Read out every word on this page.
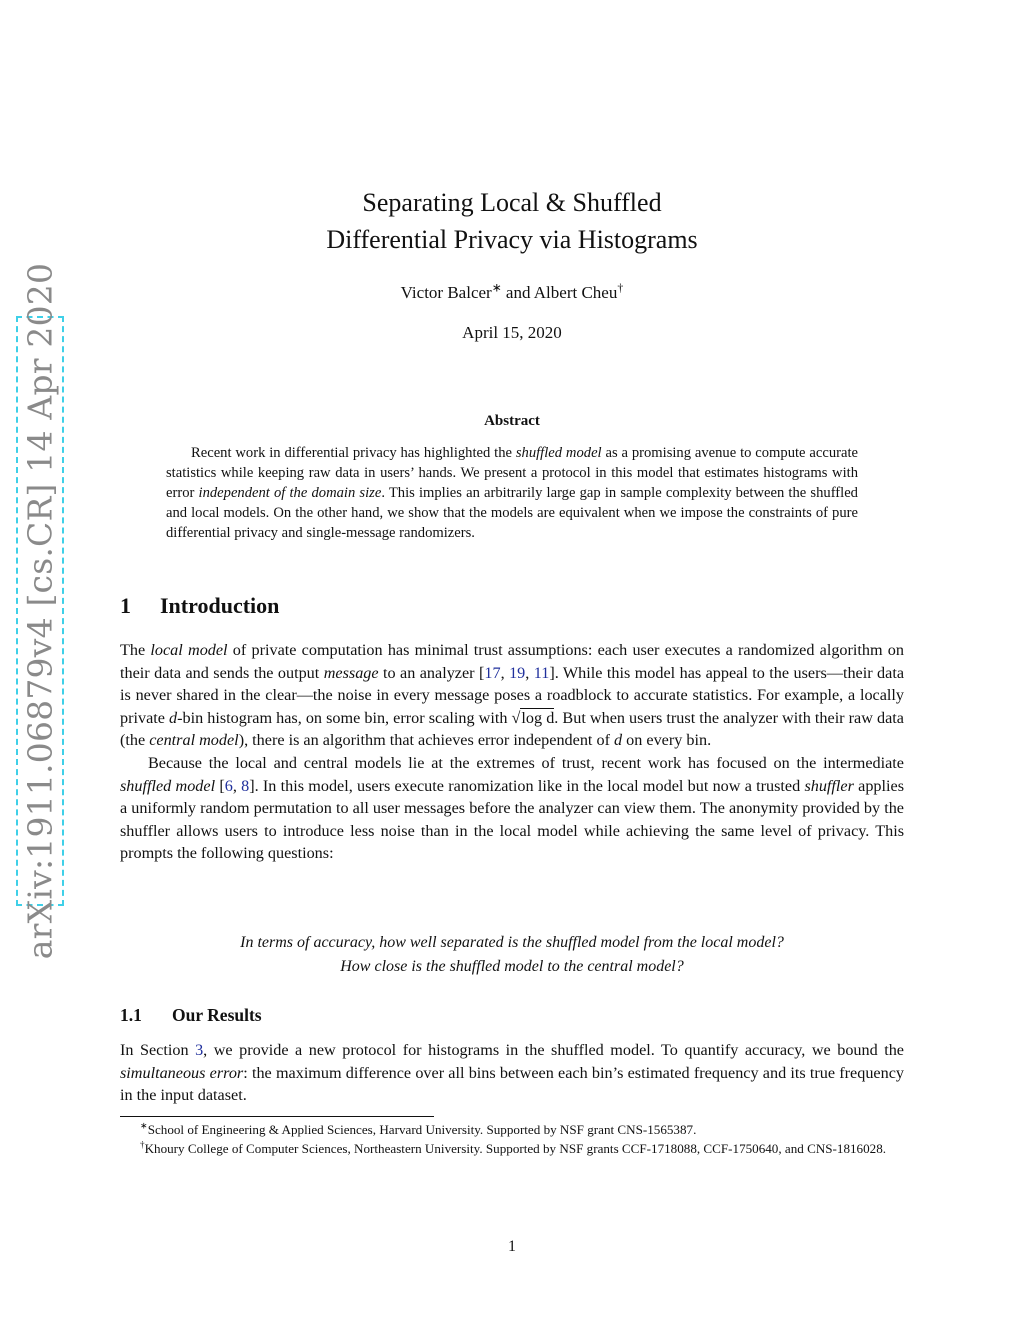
arXiv:1911.06879v4 [cs.CR] 14 Apr 2020
Separating Local & Shuffled
Differential Privacy via Histograms
Victor Balcer∗ and Albert Cheu†
April 15, 2020
Abstract

Recent work in differential privacy has highlighted the shuffled model as a promising avenue to compute accurate statistics while keeping raw data in users’ hands. We present a protocol in this model that estimates histograms with error independent of the domain size. This implies an arbitrarily large gap in sample complexity between the shuffled and local models. On the other hand, we show that the models are equivalent when we impose the constraints of pure differential privacy and single-message randomizers.

1 Introduction

The local model of private computation has minimal trust assumptions: each user executes a randomized algorithm on their data and sends the output message to an analyzer [17, 19, 11]. While this model has appeal to the users—their data is never shared in the clear—the noise in every message poses a roadblock to accurate statistics. For example, a locally private d-bin histogram has, on some bin, error scaling with √log d. But when users trust the analyzer with their raw data (the central model), there is an algorithm that achieves error independent of d on every bin.

Because the local and central models lie at the extremes of trust, recent work has focused on the intermediate shuffled model [6, 8]. In this model, users execute ranomization like in the local model but now a trusted shuffler applies a uniformly random permutation to all user messages before the analyzer can view them. The anonymity provided by the shuffler allows users to introduce less noise than in the local model while achieving the same level of privacy. This prompts the following questions:

In terms of accuracy, how well separated is the shuffled model from the local model?
How close is the shuffled model to the central model?
1.1 Our Results

In Section 3, we provide a new protocol for histograms in the shuffled model. To quantify accuracy, we bound the simultaneous error: the maximum difference over all bins between each bin’s estimated frequency and its true frequency in the input dataset.

∗School of Engineering & Applied Sciences, Harvard University. Supported by NSF grant CNS-1565387.

†Khoury College of Computer Sciences, Northeastern University. Supported by NSF grants CCF-1718088, CCF-1750640, and CNS-1816028.

1
